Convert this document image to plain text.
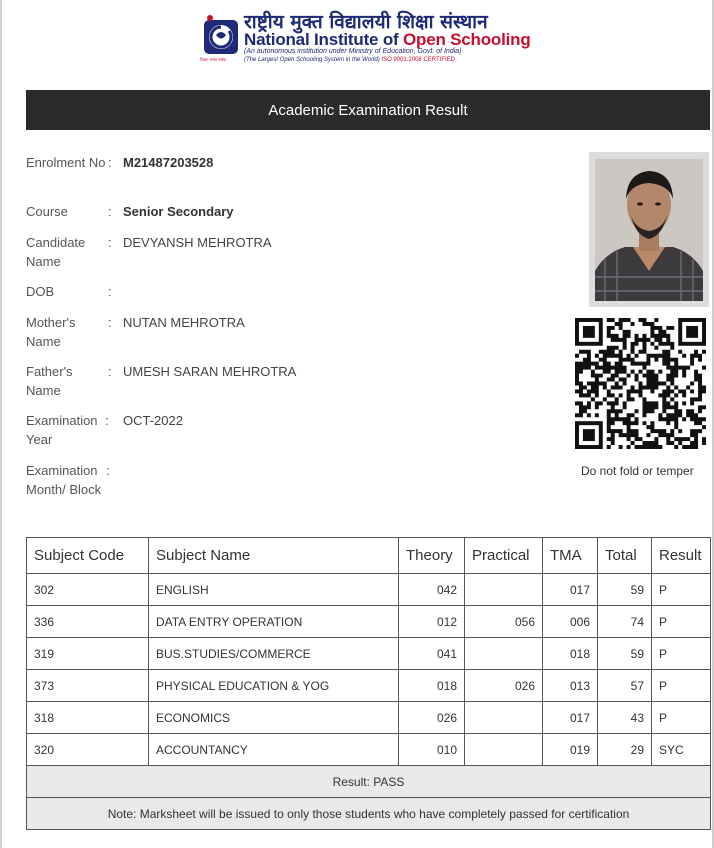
राष्ट्रीय मुक्त विद्यालयी शिक्षा संस्थान
National Institute of Open Schooling
(An autonomous institution under Ministry of Education, Govt. of India)
(The Largest Open Schooling System in the World) ISO 9001:2008 CERTIFIED
शिक्षा: सर्वत्र सर्वदा
Academic Examination Result
Enrolment No : M21487203528
Course	: Senior Secondary
Candidate Name
: DEVYANSH MEHROTRA
DOB	:
Mother's Name
: NUTAN MEHROTRA
Father's Name
: UMESH SARAN MEHROTRA
Examination Year
: OCT-2022
Examination Month/ Block
:	Do not fold or temper
Subject Code	Subject Name	Theory	Practical	TMA	Total	Result
302	ENGLISH	042		017	59	P
336	DATA ENTRY OPERATION	012	056	006	74	P
319	BUS.STUDIES/COMMERCE	041		018	59	P
373	PHYSICAL EDUCATION & YOG	018	026	013	57	P
318	ECONOMICS	026		017	43	P
320	ACCOUNTANCY	010		019	29	SYC
Result: PASS						
Note: Marksheet will be issued to only those students who have completely passed for certification						
